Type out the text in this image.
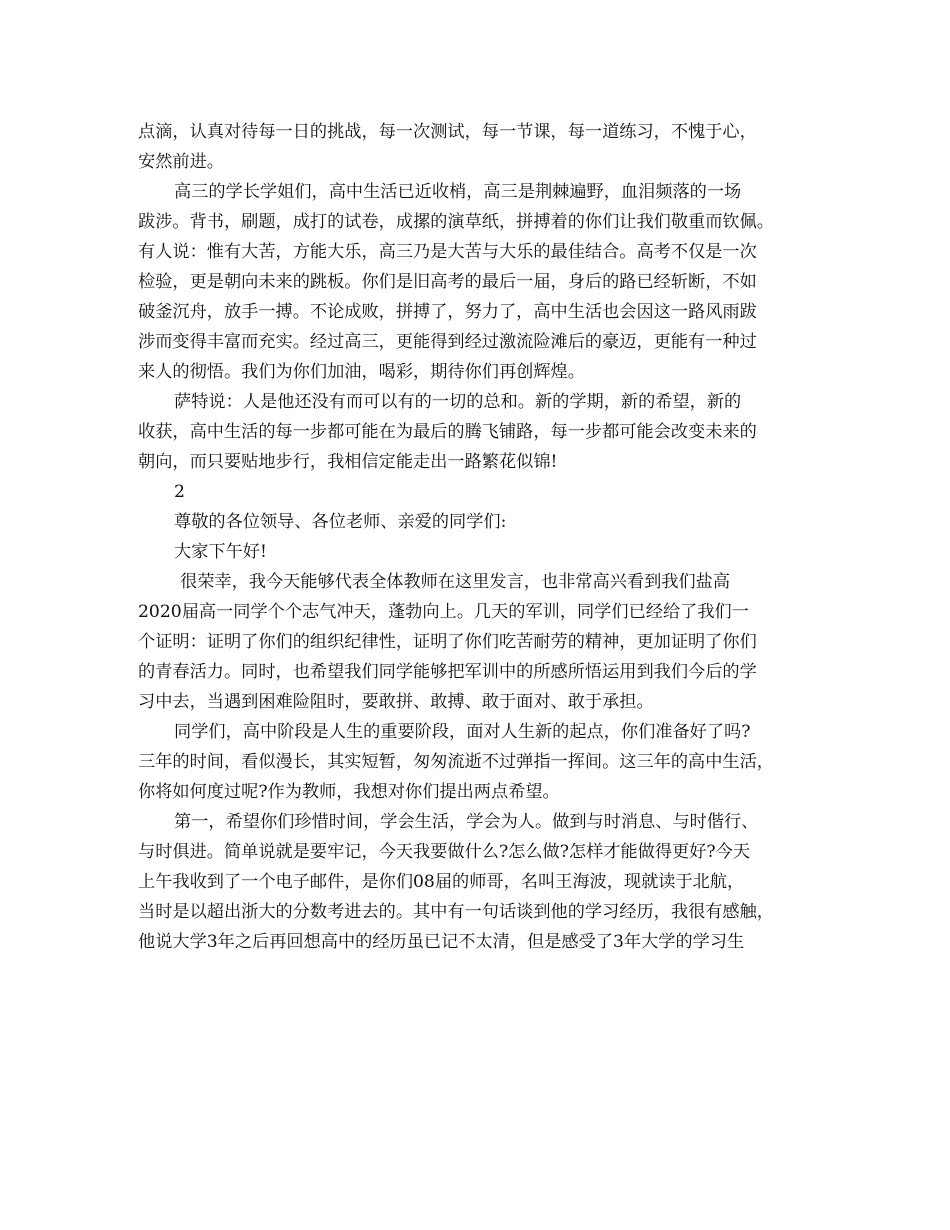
点滴，认真对待每一日的挑战，每一次测试，每一节课，每一道练习，不愧于心，
安然前进。
高三的学长学姐们，高中生活已近收梢，高三是荆棘遍野，血泪频落的一场
跋涉。背书，刷题，成打的试卷，成摞的演草纸，拼搏着的你们让我们敬重而钦佩。
有人说：惟有大苦，方能大乐，高三乃是大苦与大乐的最佳结合。高考不仅是一次
检验，更是朝向未来的跳板。你们是旧高考的最后一届，身后的路已经斩断，不如
破釜沉舟，放手一搏。不论成败，拼搏了，努力了，高中生活也会因这一路风雨跋
涉而变得丰富而充实。经过高三，更能得到经过激流险滩后的豪迈，更能有一种过
来人的彻悟。我们为你们加油，喝彩，期待你们再创辉煌。
萨特说：人是他还没有而可以有的一切的总和。新的学期，新的希望，新的
收获，高中生活的每一步都可能在为最后的腾飞铺路，每一步都可能会改变未来的
朝向，而只要贴地步行，我相信定能走出一路繁花似锦!
2
尊敬的各位领导、各位老师、亲爱的同学们:
大家下午好!
很荣幸，我今天能够代表全体教师在这里发言，也非常高兴看到我们盐高
2020届高一同学个个志气冲天，蓬勃向上。几天的军训，同学们已经给了我们一
个证明：证明了你们的组织纪律性，证明了你们吃苦耐劳的精神，更加证明了你们
的青春活力。同时，也希望我们同学能够把军训中的所感所悟运用到我们今后的学
习中去，当遇到困难险阻时，要敢拼、敢搏、敢于面对、敢于承担。
同学们，高中阶段是人生的重要阶段，面对人生新的起点，你们准备好了吗?
三年的时间，看似漫长，其实短暂，匆匆流逝不过弹指一挥间。这三年的高中生活，
你将如何度过呢?作为教师，我想对你们提出两点希望。
第一，希望你们珍惜时间，学会生活，学会为人。做到与时消息、与时偕行、
与时俱进。简单说就是要牢记，今天我要做什么?怎么做?怎样才能做得更好?今天
上午我收到了一个电子邮件，是你们08届的师哥，名叫王海波，现就读于北航，
当时是以超出浙大的分数考进去的。其中有一句话谈到他的学习经历，我很有感触，
他说大学3年之后再回想高中的经历虽已记不太清，但是感受了3年大学的学习生
